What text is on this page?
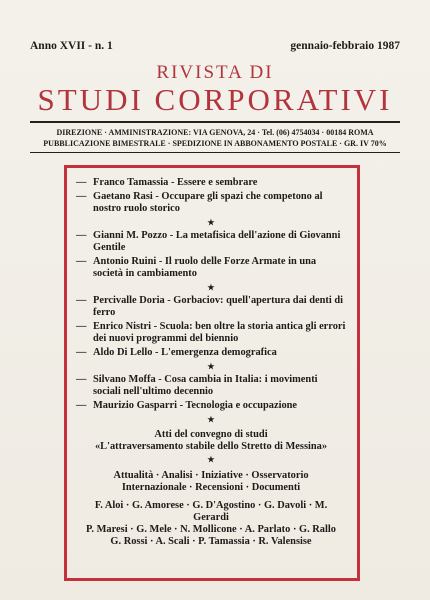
Anno XVII - n. 1	gennaio-febbraio 1987
RIVISTA DI
STUDI CORPORATIVI
DIREZIONE · AMMINISTRAZIONE: VIA GENOVA, 24 · Tel. (06) 4754034 · 00184 ROMA
PUBBLICAZIONE BIMESTRALE · SPEDIZIONE IN ABBONAMENTO POSTALE · GR. IV 70%
— Franco Tamassia - Essere e sembrare
— Gaetano Rasi - Occupare gli spazi che competono al nostro ruolo storico
★
— Gianni M. Pozzo - La metafisica dell'azione di Giovanni Gentile
— Antonio Ruini - Il ruolo delle Forze Armate in una società in cambiamento
★
— Percivalle Doria - Gorbaciov: quell'apertura dai denti di ferro
— Enrico Nistri - Scuola: ben oltre la storia antica gli errori dei nuovi programmi del biennio
— Aldo Di Lello - L'emergenza demografica
★
— Silvano Moffa - Cosa cambia in Italia: i movimenti sociali nell'ultimo decennio
— Maurizio Gasparri - Tecnologia e occupazione
★
Atti del convegno di studi
«L'attraversamento stabile dello Stretto di Messina»
★
Attualità · Analisi · Iniziative · Osservatorio
Internazionale · Recensioni · Documenti
F. Aloi · G. Amorese · G. D'Agostino · G. Davoli · M. Gerardi
P. Maresi · G. Mele · N. Mollicone · A. Parlato · G. Rallo
G. Rossi · A. Scali · P. Tamassia · R. Valensise
